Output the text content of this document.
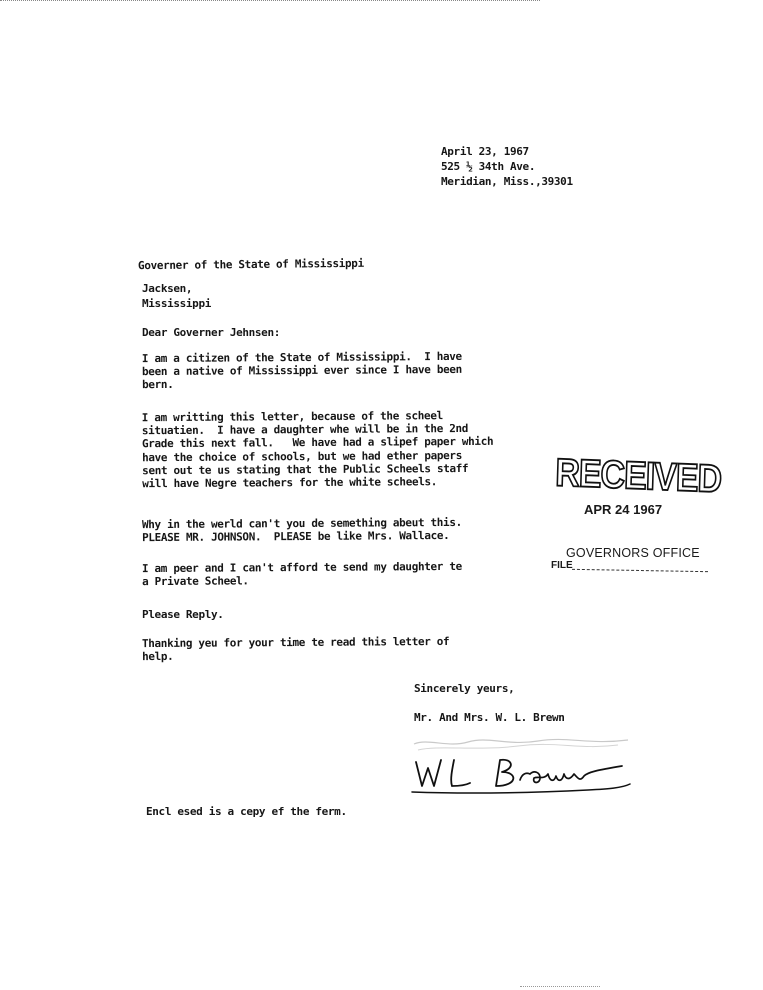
April 23, 1967
525 ½ 34th Ave.
Meridian, Miss.,39301
Governer of the State of Mississippi
Jacksen,
Mississippi
Dear Governer Jehnsen:
I am a citizen of the State of Mississippi.  I have
been a native of Mississippi ever since I have been
bern.
I am writting this letter, because of the scheel
situatien.  I have a daughter whe will be in the 2nd
Grade this next fall.   We have had a slipef paper which
have the choice of schools, but we had ether papers
sent out te us stating that the Public Scheels staff
will have Negre teachers for the white scheels.
Why in the werld can't you de semething abeut this.
PLEASE MR. JOHNSON.  PLEASE be like Mrs. Wallace.
I am peer and I can't afford te send my daughter te
a Private Scheel.
Please Reply.
Thanking yeu for your time te read this letter of
help.
Sincerely yeurs,
Mr. And Mrs. W. L. Brewn
Encl esed is a cepy ef the ferm.
RECEIVED
APR 24 1967
GOVERNORS OFFICE
FILE
